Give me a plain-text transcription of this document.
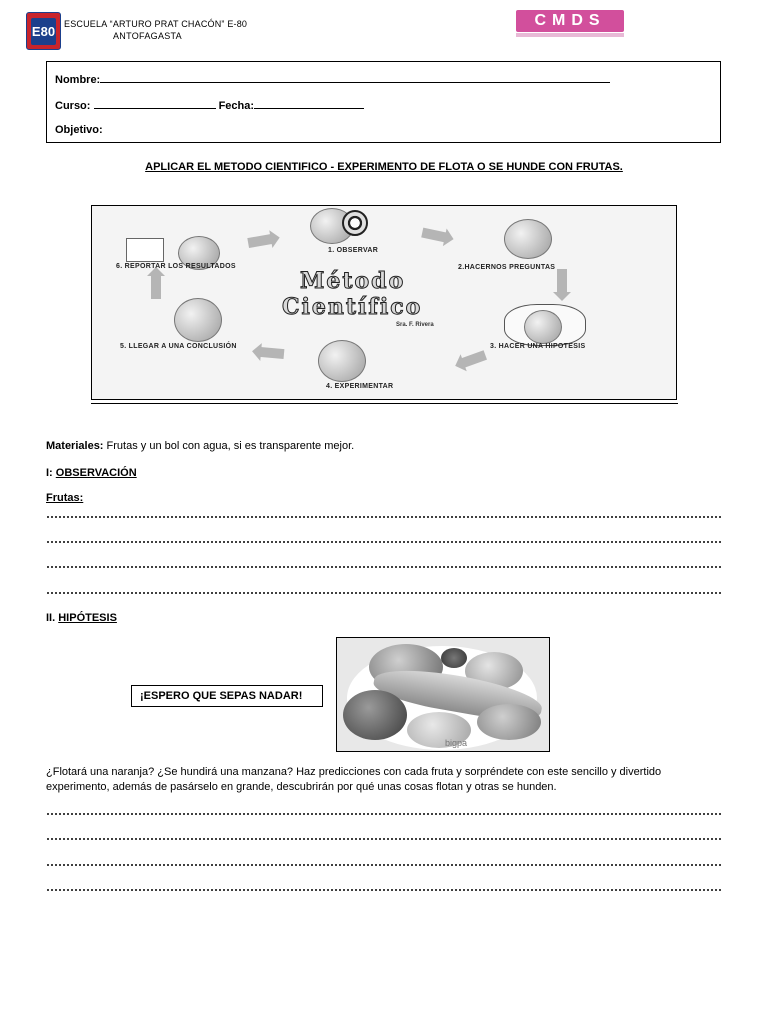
E80 ESCUELA “ARTURO PRAT CHACÓN” E-80
ANTOFAGASTA
CMDS
Nombre:
Curso:	Fecha:
Objetivo:
APLICAR EL METODO CIENTIFICO - EXPERIMENTO DE FLOTA O SE HUNDE CON FRUTAS.
1. OBSERVAR
2.HACERNOS PREGUNTAS
3. HACER UNA HIPOTESIS
4. EXPERIMENTAR
5. LLEGAR A UNA CONCLUSIÓN
6. REPORTAR LOS RESULTADOS
Método
Científico
Sra. F. Rivera
Materiales: Frutas y un bol con agua, si es transparente mejor.
I: OBSERVACIÓN
Frutas:
II. HIPÓTESIS
¡ESPERO QUE SEPAS NADAR!
bigpa
¿Flotará una naranja? ¿Se hundirá una manzana? Haz predicciones con cada fruta y sorpréndete con este sencillo y divertido experimento, además de pasárselo en grande, descubrirán por qué unas cosas flotan y otras se hunden.
